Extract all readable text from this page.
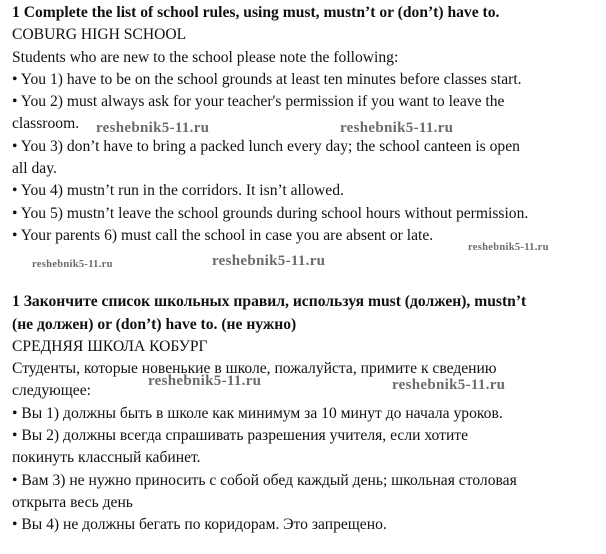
1 Complete the list of school rules, using must, mustn’t or (don’t) have to.
COBURG HIGH SCHOOL
Students who are new to the school please note the following:
• You 1) have to be on the school grounds at least ten minutes before classes start.
• You 2) must always ask for your teacher's permission if you want to leave the
classroom.
• You 3) don’t have to bring a packed lunch every day; the school canteen is open
all day.
• You 4) mustn’t run in the corridors. It isn’t allowed.
• You 5) mustn’t leave the school grounds during school hours without permission.
• Your parents 6) must call the school in case you are absent or late.
1 Закончите список школьных правил, используя must (должен), mustn’t
(не должен) or (don’t) have to. (не нужно)
СРЕДНЯЯ ШКОЛА КОБУРГ
Студенты, которые новенькие в школе, пожалуйста, примите к сведению
следующее:
• Вы 1) должны быть в школе как минимум за 10 минут до начала уроков.
• Вы 2) должны всегда спрашивать разрешения учителя, если хотите
покинуть классный кабинет.
• Вам 3) не нужно приносить с собой обед каждый день; школьная столовая
открыта весь день
• Вы 4) не должны бегать по коридорам. Это запрещено.
reshebnik5-11.ru	reshebnik5-11.ru
reshebnik5-11.ru
reshebnik5-11.ru	reshebnik5-11.ru
reshebnik5-11.ru	reshebnik5-11.ru
